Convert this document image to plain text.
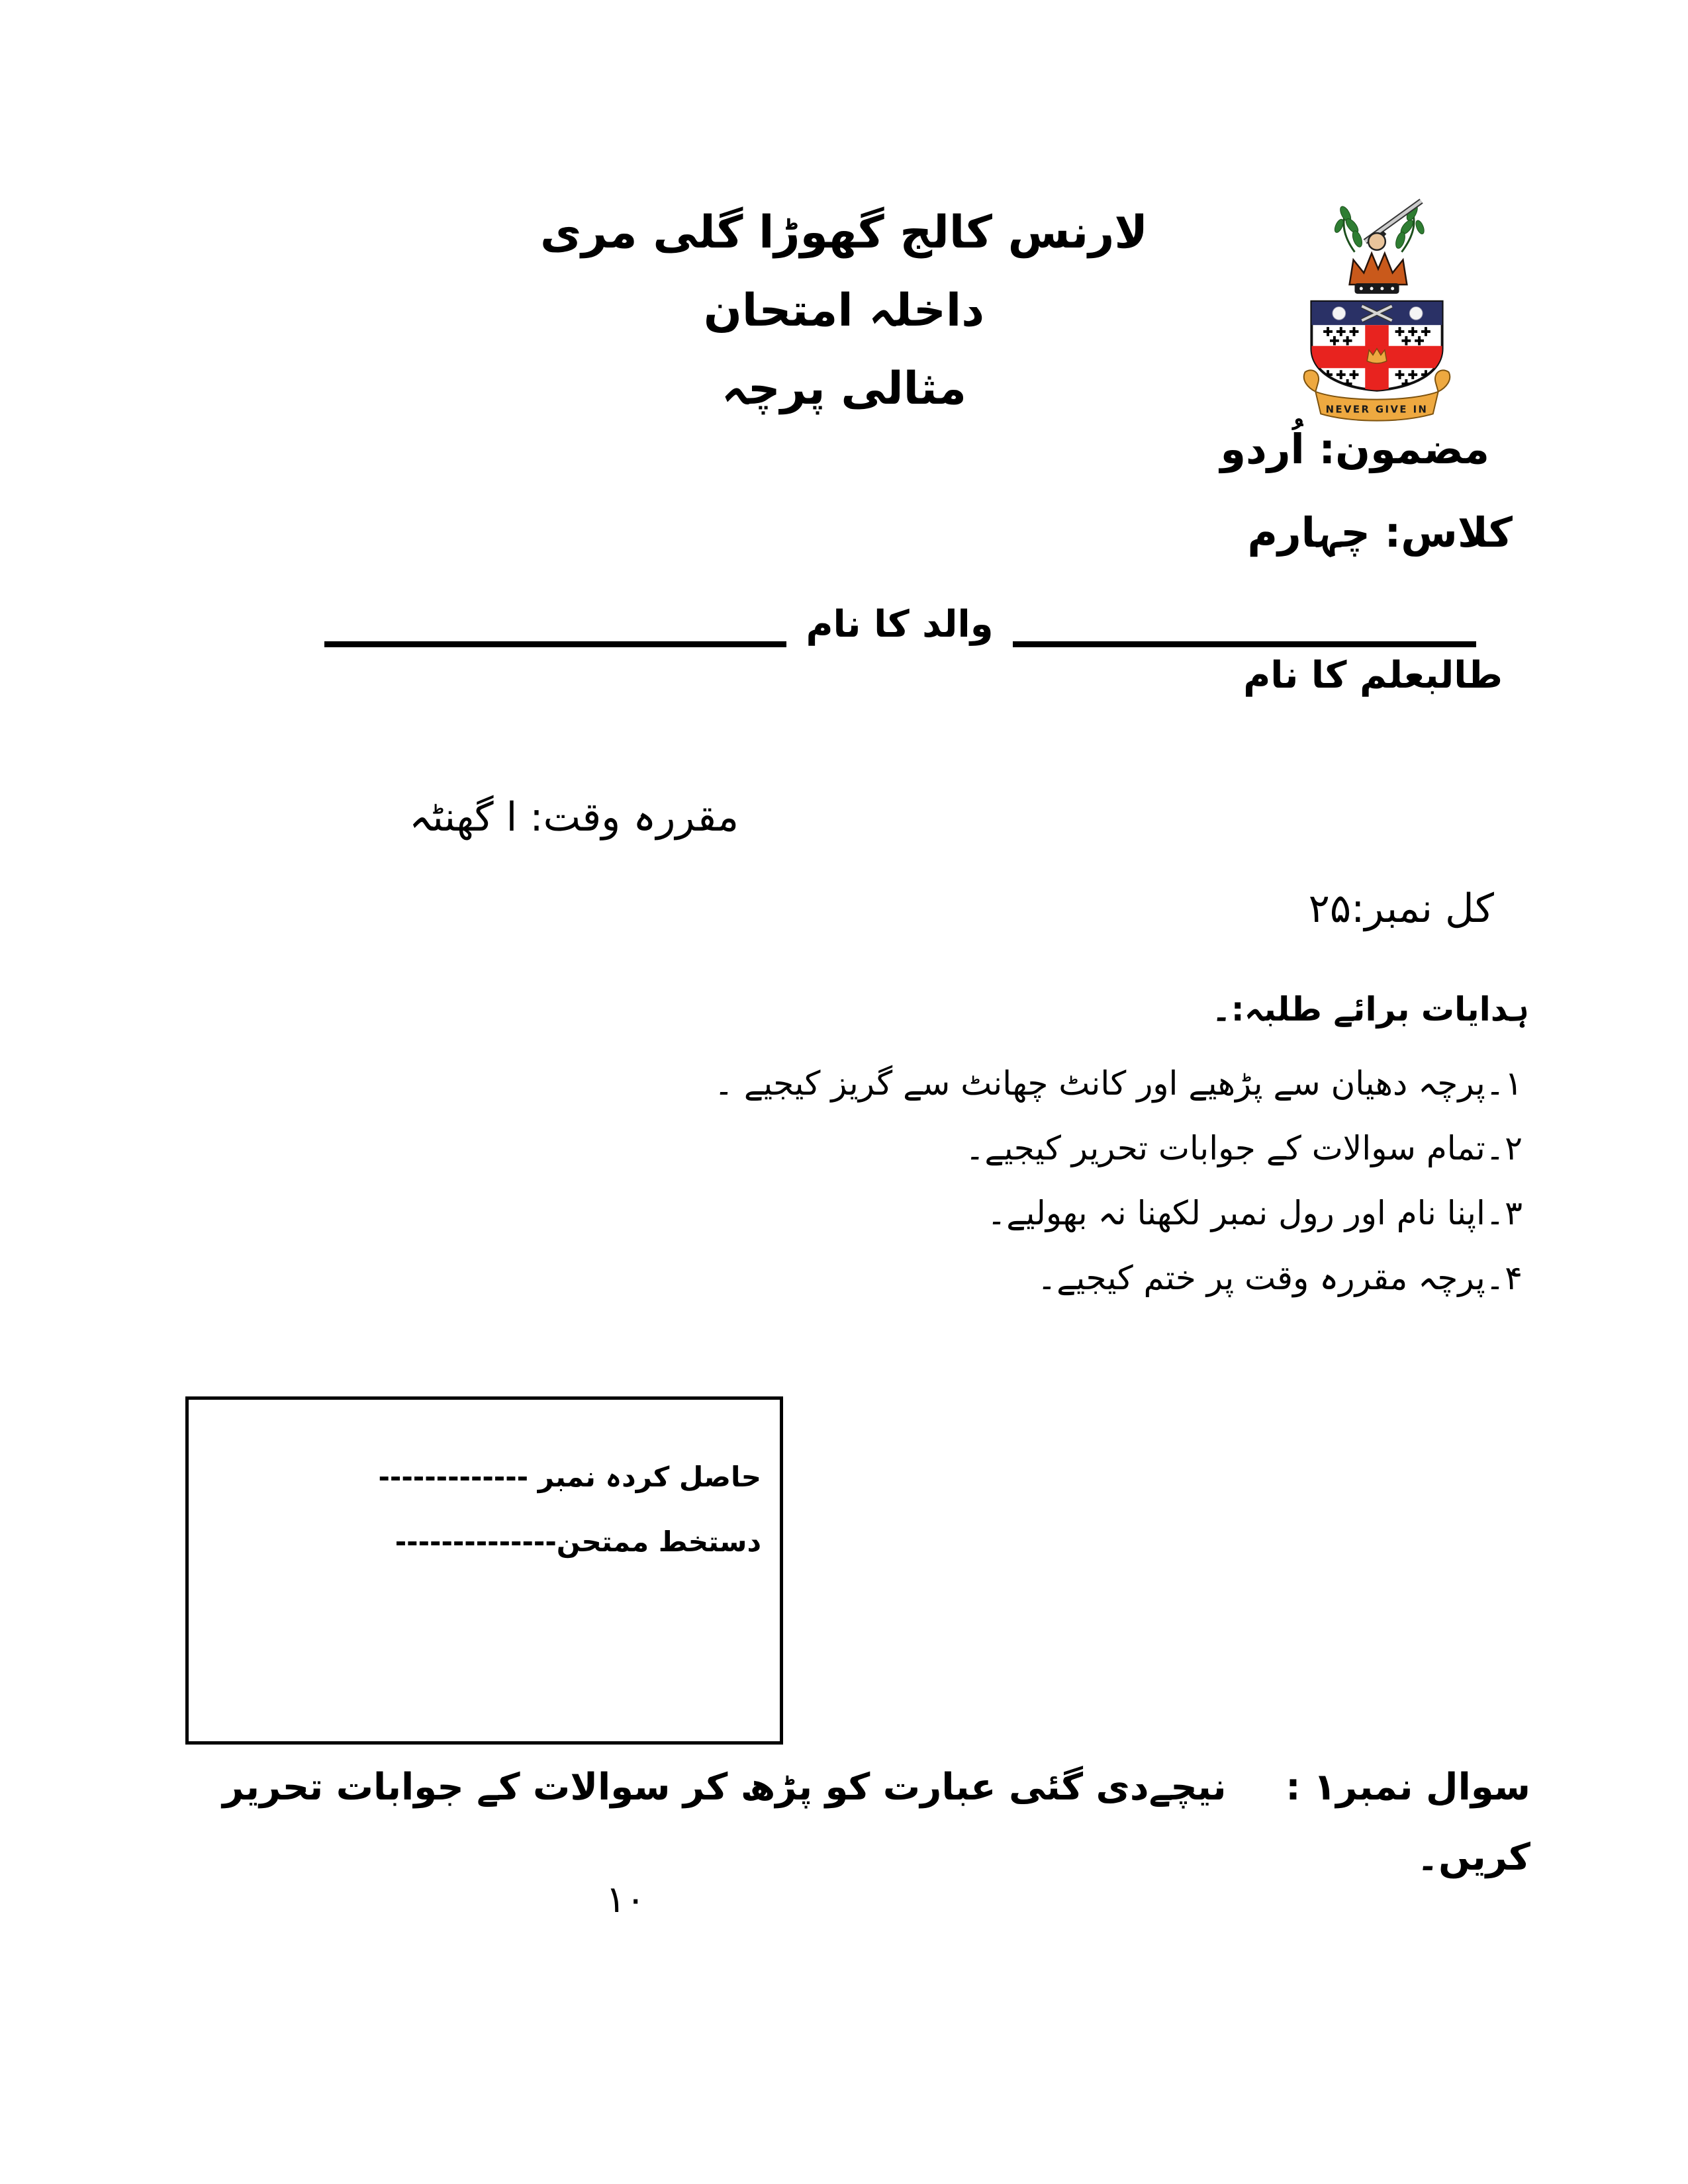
NEVER GIVE IN
لارنس کالج گھوڑا گلی مری
داخلہ امتحان
مثالی پرچہ
مضمون: اُردو
کلاس: چہارم
والد کا نام
طالبعلم کا نام
مقررہ وقت: ا گھنٹہ
کل نمبر:۲۵
ہدایات برائے طلبہ:۔
۱۔پرچہ دھیان سے پڑھیے اور کانٹ چھانٹ سے گریز کیجیے ۔
۲۔تمام سوالات کے جوابات تحریر کیجیے۔
۳۔اپنا نام اور رول نمبر لکھنا نہ بھولیے۔
۴۔پرچہ مقررہ وقت پر ختم کیجیے۔
حاصل کردہ نمبر -------------
دستخط ممتحن--------------
سوال نمبر۱ : نیچےدی گئی عبارت کو پڑھ کر سوالات کے جوابات تحریر
کریں۔
۱۰
